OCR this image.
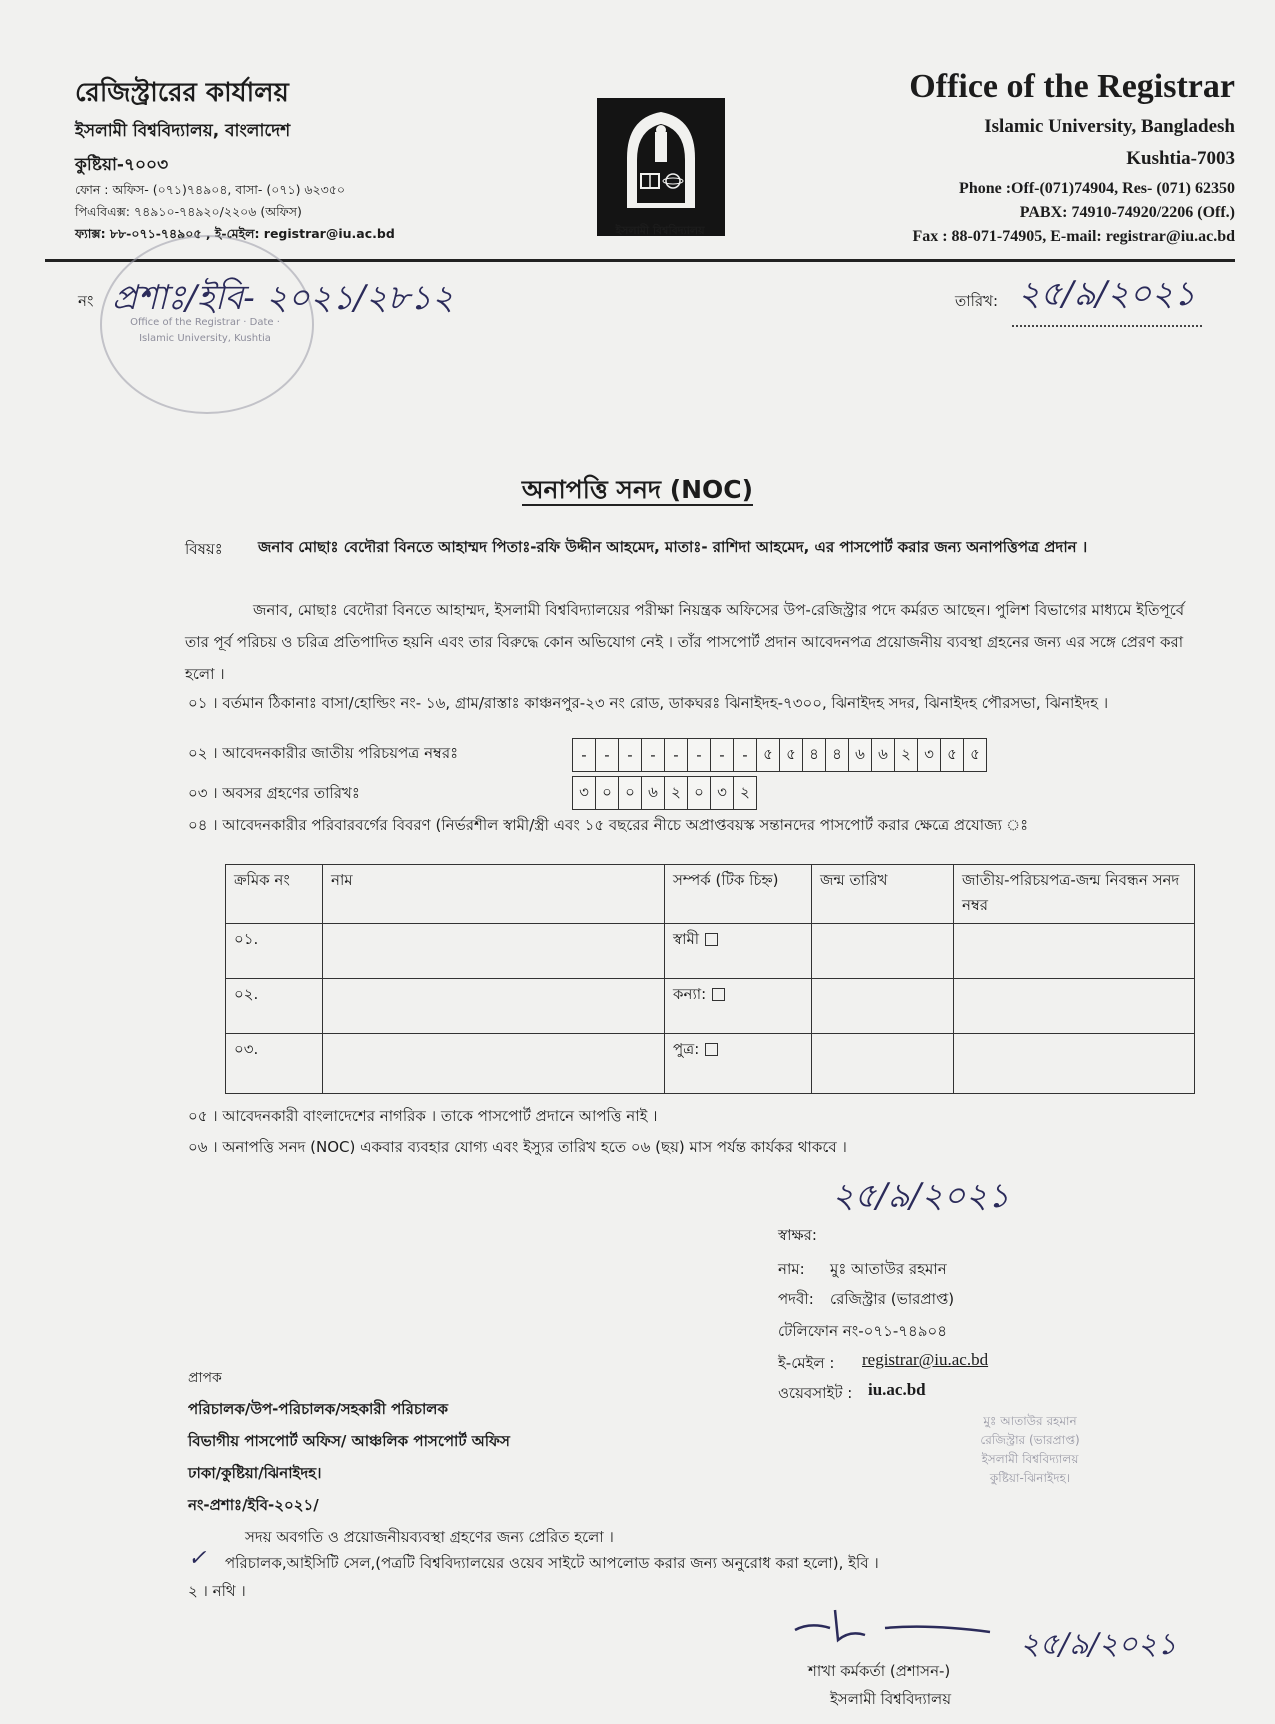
রেজিস্ট্রারের কার্যালয়
ইসলামী বিশ্ববিদ্যালয়, বাংলাদেশ
কুষ্টিয়া-৭০০৩
ফোন : অফিস- (০৭১)৭৪৯০৪, বাসা- (০৭১) ৬২৩৫০
পিএবিএক্স: ৭৪৯১০-৭৪৯২০/২২০৬ (অফিস)
ফ্যাক্স: ৮৮-০৭১-৭৪৯০৫ , ই-মেইল: registrar@iu.ac.bd	ইসলামী বিশ্ববিদ্যালয়
Office of the Registrar
Islamic University, Bangladesh
Kushtia-7003
Phone :Off-(071)74904, Res- (071) 62350
PABX: 74910-74920/2206 (Off.)
Fax : 88-071-74905, E-mail: registrar@iu.ac.bd
Office of the Registrar · Date · Islamic University, Kushtia
নং প্রশাঃ/ইবি- ২০২১/২৮১২	তারিখ: ২৫/৯/২০২১
অনাপত্তি সনদ (NOC)
বিষয়ঃ জনাব মোছাঃ বেদৌরা বিনতে আহাম্মদ পিতাঃ-রফি উদ্দীন আহমেদ, মাতাঃ- রাশিদা আহমেদ, এর পাসপোর্ট করার জন্য অনাপত্তিপত্র প্রদান ।
জনাব, মোছাঃ বেদৌরা বিনতে আহাম্মদ, ইসলামী বিশ্ববিদ্যালয়ের পরীক্ষা নিয়ন্ত্রক অফিসের উপ-রেজিস্ট্রার পদে কর্মরত আছেন। পুলিশ বিভাগের মাধ্যমে ইতিপূর্বে তার পূর্ব পরিচয় ও চরিত্র প্রতিপাদিত হয়নি এবং তার বিরুদ্ধে কোন অভিযোগ নেই । তাঁর পাসপোর্ট প্রদান আবেদনপত্র প্রয়োজনীয় ব্যবস্থা গ্রহনের জন্য এর সঙ্গে প্রেরণ করা হলো ।
০১ । বর্তমান ঠিকানাঃ বাসা/হোল্ডিং নং- ১৬, গ্রাম/রাস্তাঃ কাঞ্চনপুর-২৩ নং রোড, ডাকঘরঃ ঝিনাইদহ-৭৩০০, ঝিনাইদহ সদর, ঝিনাইদহ পৌরসভা, ঝিনাইদহ ।
০২ । আবেদনকারীর জাতীয় পরিচয়পত্র নম্বরঃ	-	-	-	-	-	-	-	-	৫ ৫ ৪ ৪ ৬ ৬ ২ ৩ ৫ ৫
০৩ । অবসর গ্রহণের তারিখঃ	৩ ০ ০ ৬ ২ ০ ৩ ২
০৪ । আবেদনকারীর পরিবারবর্গের বিবরণ (নির্ভরশীল স্বামী/স্ত্রী এবং ১৫ বছরের নীচে অপ্রাপ্তবয়স্ক সন্তানদের পাসপোর্ট করার ক্ষেত্রে প্রযোজ্য ঃ
ক্রমিক নং	নাম	সম্পর্ক (টিক চিহ্ন)	জন্ম তারিখ	জাতীয়-পরিচয়পত্র-জন্ম নিবন্ধন সনদ নম্বর
০১.		স্বামী		
০২.		কন্যা:		
০৩.		পুত্র:		
০৫ । আবেদনকারী বাংলাদেশের নাগরিক । তাকে পাসপোর্ট প্রদানে আপত্তি নাই ।
০৬ । অনাপত্তি সনদ (NOC) একবার ব্যবহার যোগ্য এবং ইস্যুর তারিখ হতে ০৬ (ছয়) মাস পর্যন্ত কার্যকর থাকবে ।
২৫/৯/২০২১
স্বাক্ষর:
নাম: মুঃ আতাউর রহমান
পদবী: রেজিস্ট্রার (ভারপ্রাপ্ত)
টেলিফোন নং-০৭১-৭৪৯০৪
ই-মেইল : registrar@iu.ac.bd
ওয়েবসাইট : iu.ac.bd
মুঃ আতাউর রহমান
রেজিস্ট্রার (ভারপ্রাপ্ত)
ইসলামী বিশ্ববিদ্যালয়
কুষ্টিয়া-ঝিনাইদহ।
প্রাপক
পরিচালক/উপ-পরিচালক/সহকারী পরিচালক
বিভাগীয় পাসপোর্ট অফিস/ আঞ্চলিক পাসপোর্ট অফিস
ঢাকা/কুষ্টিয়া/ঝিনাইদহ।
নং-প্রশাঃ/ইবি-২০২১/
সদয় অবগতি ও প্রয়োজনীয়ব্যবস্থা গ্রহণের জন্য প্রেরিত হলো ।
✓ পরিচালক,আইসিটি সেল,(পত্রটি বিশ্ববিদ্যালয়ের ওয়েব সাইটে আপলোড করার জন্য অনুরোধ করা হলো), ইবি ।
২ । নথি ।
২৫/৯/২০২১
শাখা কর্মকর্তা (প্রশাসন-)
ইসলামী বিশ্ববিদ্যালয়
